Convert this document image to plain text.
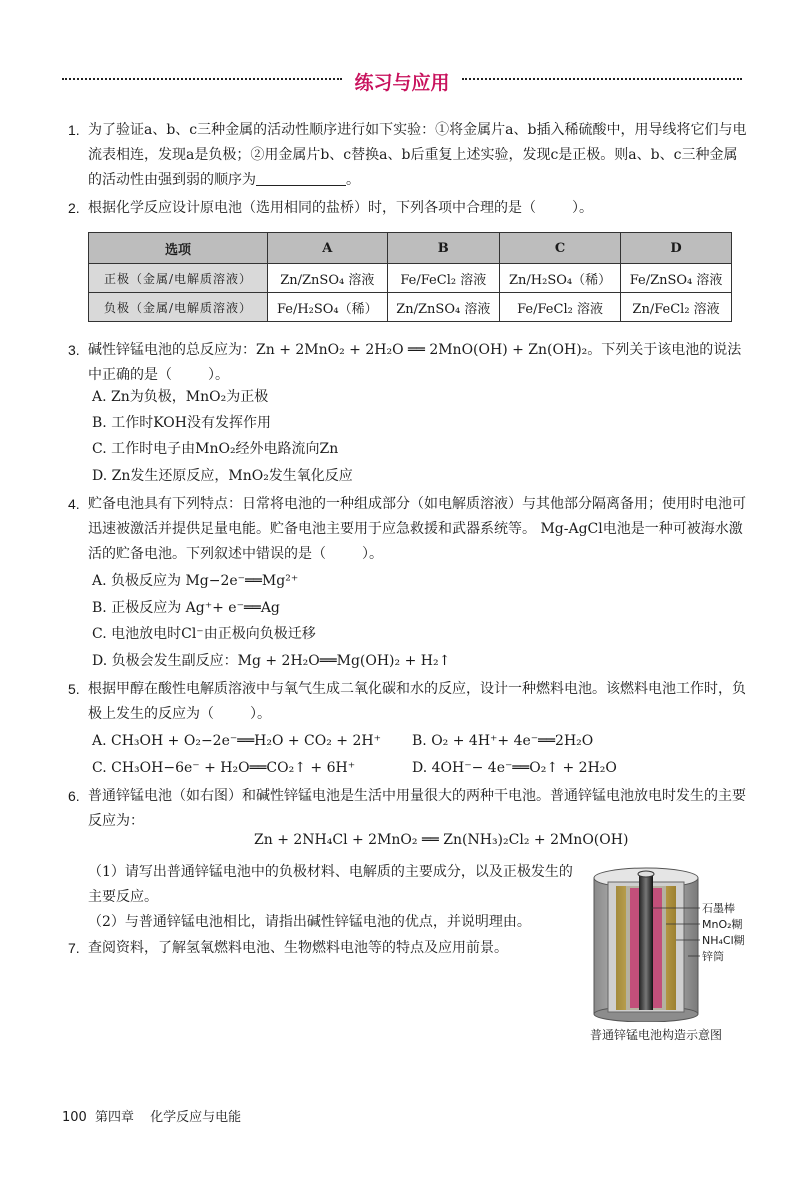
练习与应用
1. 为了验证a、b、c三种金属的活动性顺序进行如下实验：①将金属片a、b插入稀硫酸中，用导线将它们与电流表相连，发现a是负极；②用金属片b、c替换a、b后重复上述实验，发现c是正极。则a、b、c三种金属的活动性由强到弱的顺序为	。
2. 根据化学反应设计原电池（选用相同的盐桥）时，下列各项中合理的是（	）。
选项	A	B	C	D
正极（金属/电解质溶液）	Zn/ZnSO₄ 溶液	Fe/FeCl₂ 溶液	Zn/H₂SO₄（稀）	Fe/ZnSO₄ 溶液
负极（金属/电解质溶液）	Fe/H₂SO₄（稀）	Zn/ZnSO₄ 溶液	Fe/FeCl₂ 溶液	Zn/FeCl₂ 溶液
3. 碱性锌锰电池的总反应为：Zn + 2MnO₂ + 2H₂O ══ 2MnO(OH) + Zn(OH)₂。下列关于该电池的说法中正确的是（	）。
A. Zn为负极，MnO₂为正极
B. 工作时KOH没有发挥作用
C. 工作时电子由MnO₂经外电路流向Zn
D. Zn发生还原反应，MnO₂发生氧化反应
4. 贮备电池具有下列特点：日常将电池的一种组成部分（如电解质溶液）与其他部分隔离备用；使用时电池可迅速被激活并提供足量电能。贮备电池主要用于应急救援和武器系统等。 Mg-AgCl电池是一种可被海水激活的贮备电池。下列叙述中错误的是（	）。
A. 负极反应为 Mg−2e⁻══Mg²⁺
B. 正极反应为 Ag⁺+ e⁻══Ag
C. 电池放电时Cl⁻由正极向负极迁移
D. 负极会发生副反应：Mg + 2H₂O══Mg(OH)₂ + H₂↑
5. 根据甲醇在酸性电解质溶液中与氧气生成二氧化碳和水的反应，设计一种燃料电池。该燃料电池工作时，负极上发生的反应为（	）。
A. CH₃OH + O₂−2e⁻══H₂O + CO₂ + 2H⁺ B. O₂ + 4H⁺+ 4e⁻══2H₂O
C. CH₃OH−6e⁻ + H₂O══CO₂↑ + 6H⁺	D. 4OH⁻− 4e⁻══O₂↑ + 2H₂O
6. 普通锌锰电池（如右图）和碱性锌锰电池是生活中用量很大的两种干电池。普通锌锰电池放电时发生的主要反应为：
Zn + 2NH₄Cl + 2MnO₂ ══ Zn(NH₃)₂Cl₂ + 2MnO(OH)
（1）请写出普通锌锰电池中的负极材料、电解质的主要成分，以及正极发生的主要反应。
（2）与普通锌锰电池相比，请指出碱性锌锰电池的优点，并说明理由。
7. 查阅资料，了解氢氧燃料电池、生物燃料电池等的特点及应用前景。
石墨棒
MnO₂糊
NH₄Cl糊
锌筒
普通锌锰电池构造示意图
100 第四章 化学反应与电能
